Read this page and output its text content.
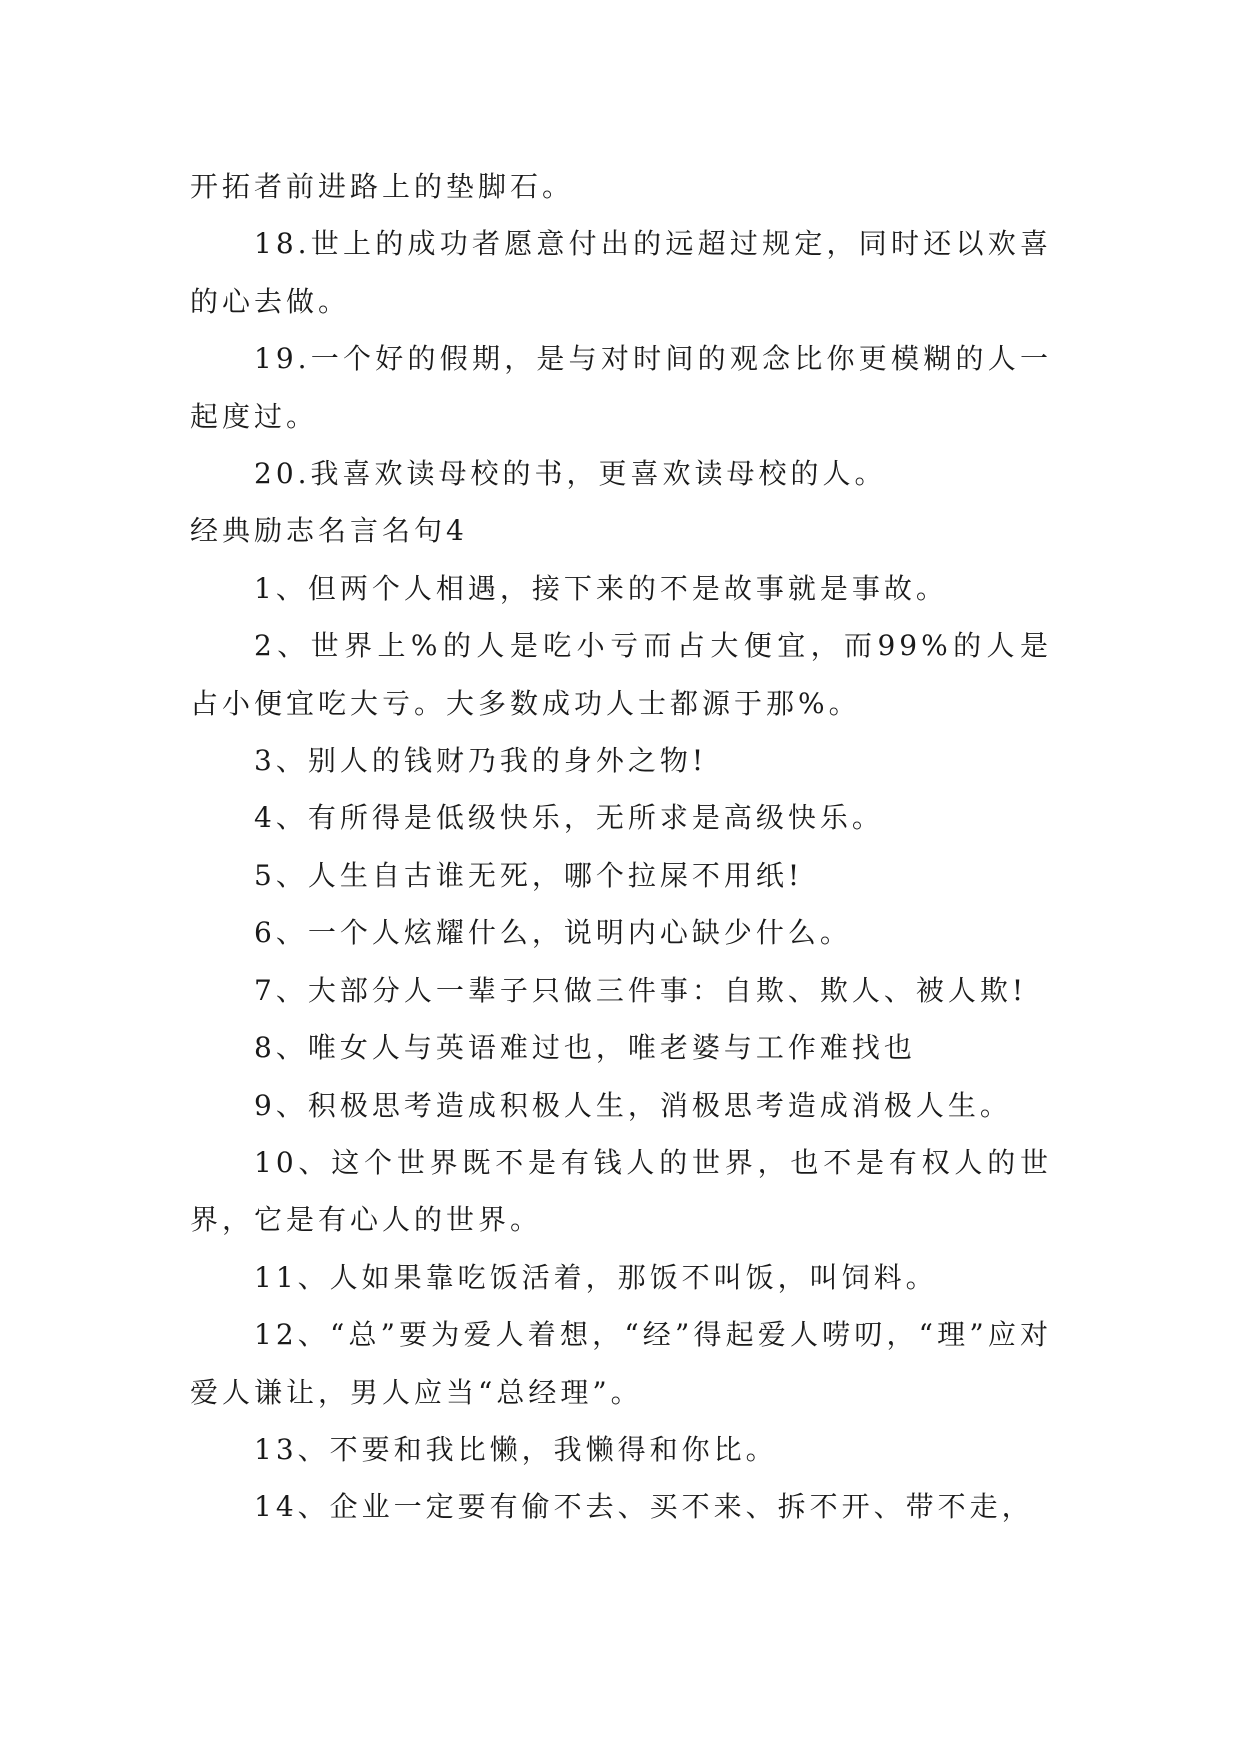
开拓者前进路上的垫脚石。

18.世上的成功者愿意付出的远超过规定，同时还以欢喜的心去做。

19.一个好的假期，是与对时间的观念比你更模糊的人一起度过。

20.我喜欢读母校的书，更喜欢读母校的人。

经典励志名言名句4

1、但两个人相遇，接下来的不是故事就是事故。

2、世界上%的人是吃小亏而占大便宜，而99%的人是占小便宜吃大亏。大多数成功人士都源于那%。

3、别人的钱财乃我的身外之物!

4、有所得是低级快乐，无所求是高级快乐。

5、人生自古谁无死，哪个拉屎不用纸!

6、一个人炫耀什么，说明内心缺少什么。

7、大部分人一辈子只做三件事：自欺、欺人、被人欺!

8、唯女人与英语难过也，唯老婆与工作难找也

9、积极思考造成积极人生，消极思考造成消极人生。

10、这个世界既不是有钱人的世界，也不是有权人的世界，它是有心人的世界。

11、人如果靠吃饭活着，那饭不叫饭，叫饲料。

12、“总”要为爱人着想，“经”得起爱人唠叨，“理”应对爱人谦让，男人应当“总经理”。

13、不要和我比懒，我懒得和你比。

14、企业一定要有偷不去、买不来、拆不开、带不走，
